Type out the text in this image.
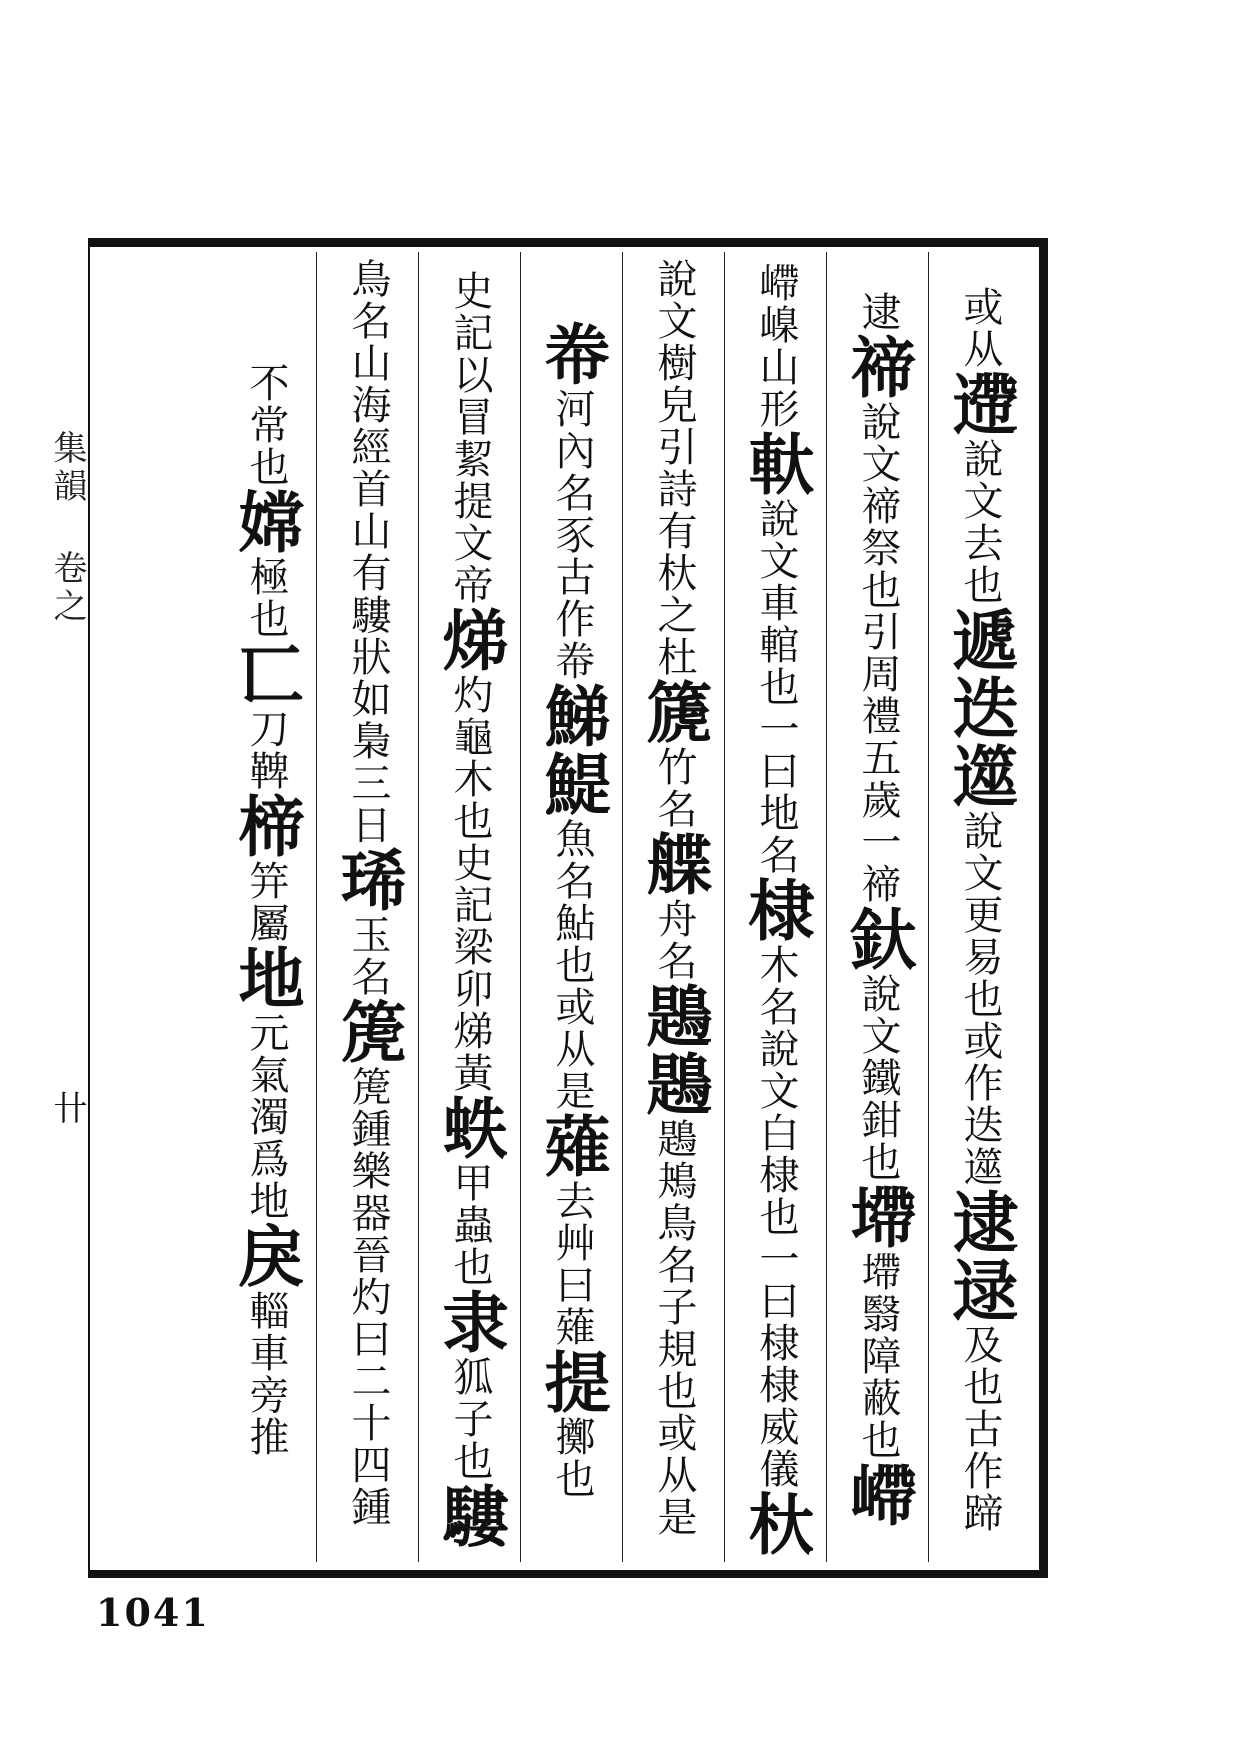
集韻 卷之
卄
或从遰說文去也遞迭遾說文更易也或作迭遾逮逯及也古作蹄
逮禘說文禘祭也引周禮五歲一禘釱說文鐵鉗也墆墆翳障蔽也嵽
嵽嵲山形軑說文車輨也一曰地名棣木名說文白棣也一曰棣棣威儀杕
說文樹皃引詩有杕之杜篪竹名艓舟名鶗鶗鶗鴂鳥名子規也或从是
帣河內名豕古作帣鮷鯷魚名鮎也或从是薙去艸曰薙提擲也
史記以冒絜提文帝焍灼龜木也史記梁卯焍黃蛈甲蟲也隶狐子也䮫
鳥名山海經首山有䮫狀如梟三日琋玉名箎箎鍾樂器晉灼曰二十四鍾
不常也嫦極也匸刀鞞楴笄屬地元氣濁爲地戾輜車旁推
1041
